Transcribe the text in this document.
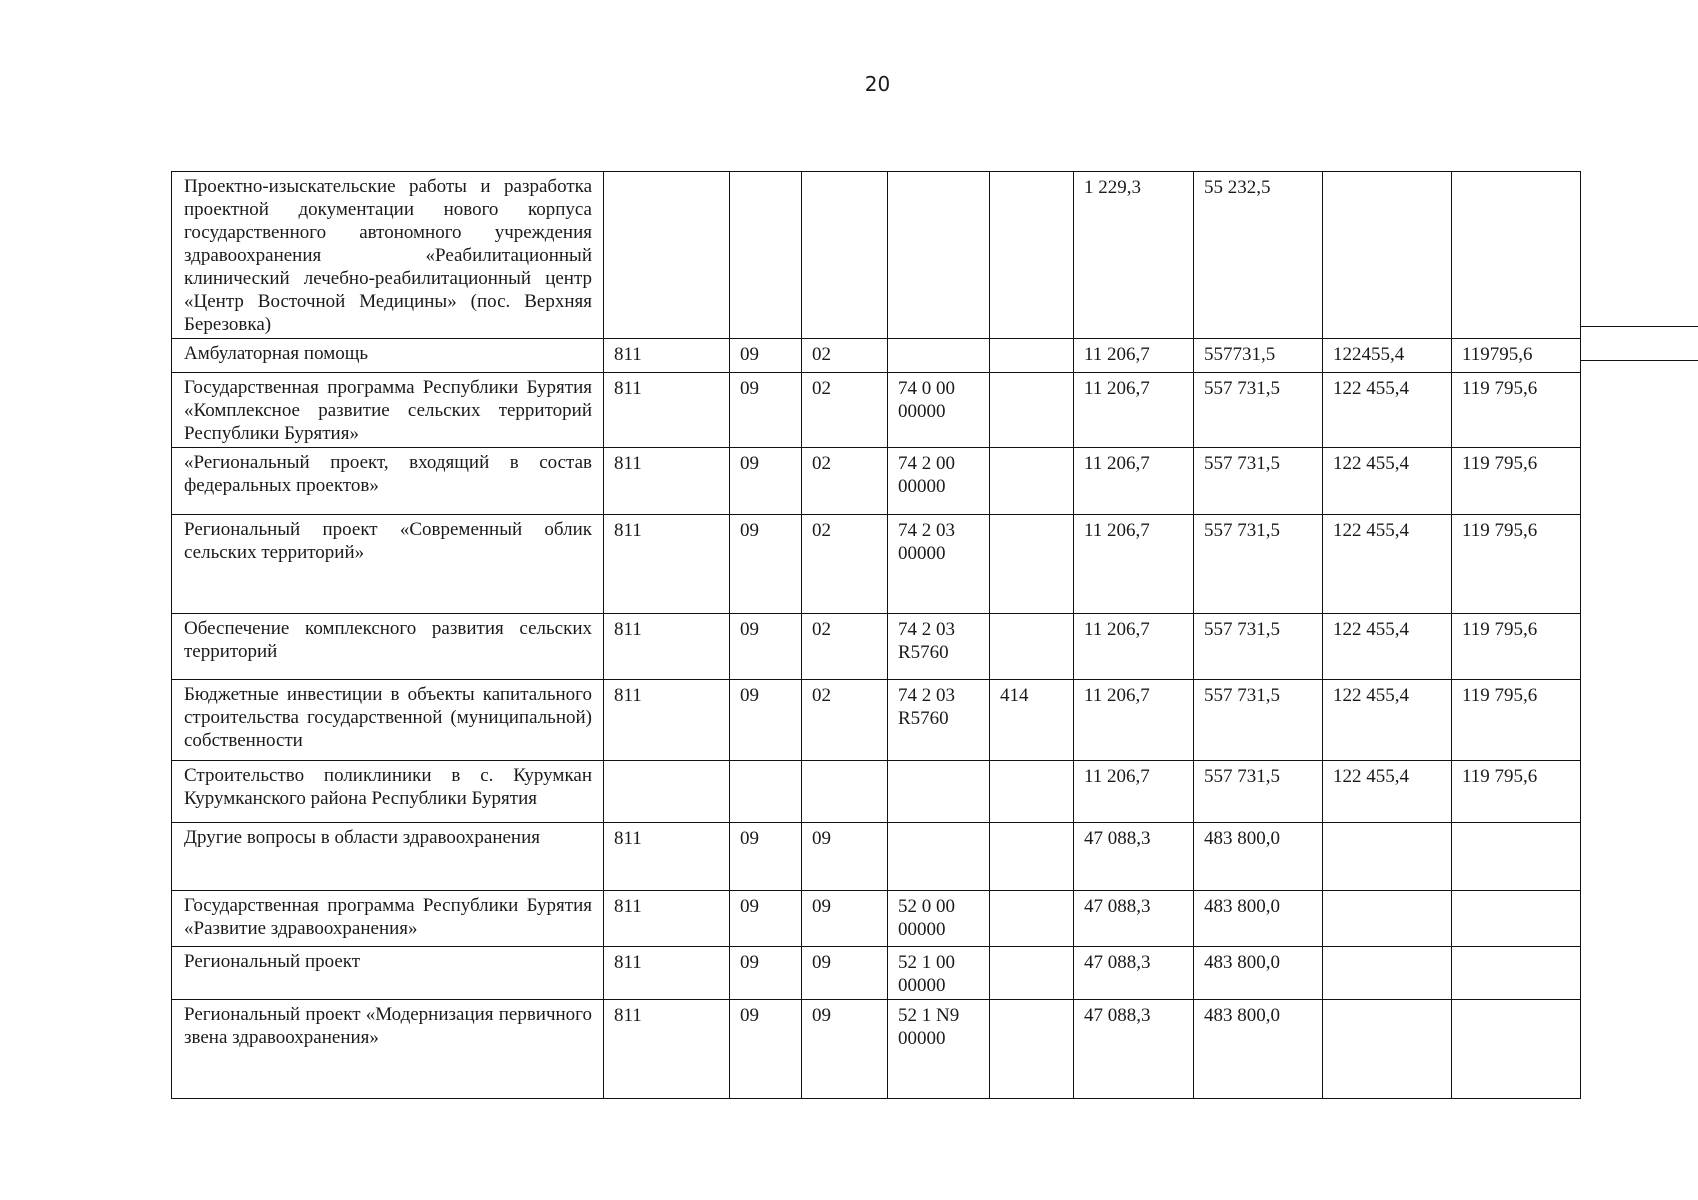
20
Проектно-изыскательские работы и разработка проектной документации нового корпуса государственного автономного учреждения здравоохранения «Реабилитационный клинический лечебно-реабилитационный центр «Центр Восточной Медицины» (пос. Верхняя Березовка)						1 229,3	55 232,5		
Амбулаторная помощь	811	09	02			11 206,7	557731,5	122455,4	119795,6
Государственная программа Республики Бурятия «Комплексное развитие сельских территорий Республики Бурятия»	811	09	02	74 0 00 00000		11 206,7	557 731,5	122 455,4	119 795,6
«Региональный проект, входящий в состав федеральных проектов»	811	09	02	74 2 00 00000		11 206,7	557 731,5	122 455,4	119 795,6
Региональный проект «Современный облик сельских территорий»	811	09	02	74 2 03 00000		11 206,7	557 731,5	122 455,4	119 795,6
Обеспечение комплексного развития сельских территорий	811	09	02	74 2 03 R5760		11 206,7	557 731,5	122 455,4	119 795,6
Бюджетные инвестиции в объекты капитального строительства государственной (муниципальной) собственности	811	09	02	74 2 03 R5760	414	11 206,7	557 731,5	122 455,4	119 795,6
Строительство поликлиники в с. Курумкан Курумканского района Республики Бурятия						11 206,7	557 731,5	122 455,4	119 795,6
Другие вопросы в области здравоохранения	811	09	09			47 088,3	483 800,0		
Государственная программа Республики Бурятия «Развитие здравоохранения»	811	09	09	52 0 00 00000		47 088,3	483 800,0		
Региональный проект	811	09	09	52 1 00 00000		47 088,3	483 800,0		
Региональный проект «Модернизация первичного звена здравоохранения»	811	09	09	52 1 N9 00000		47 088,3	483 800,0		
